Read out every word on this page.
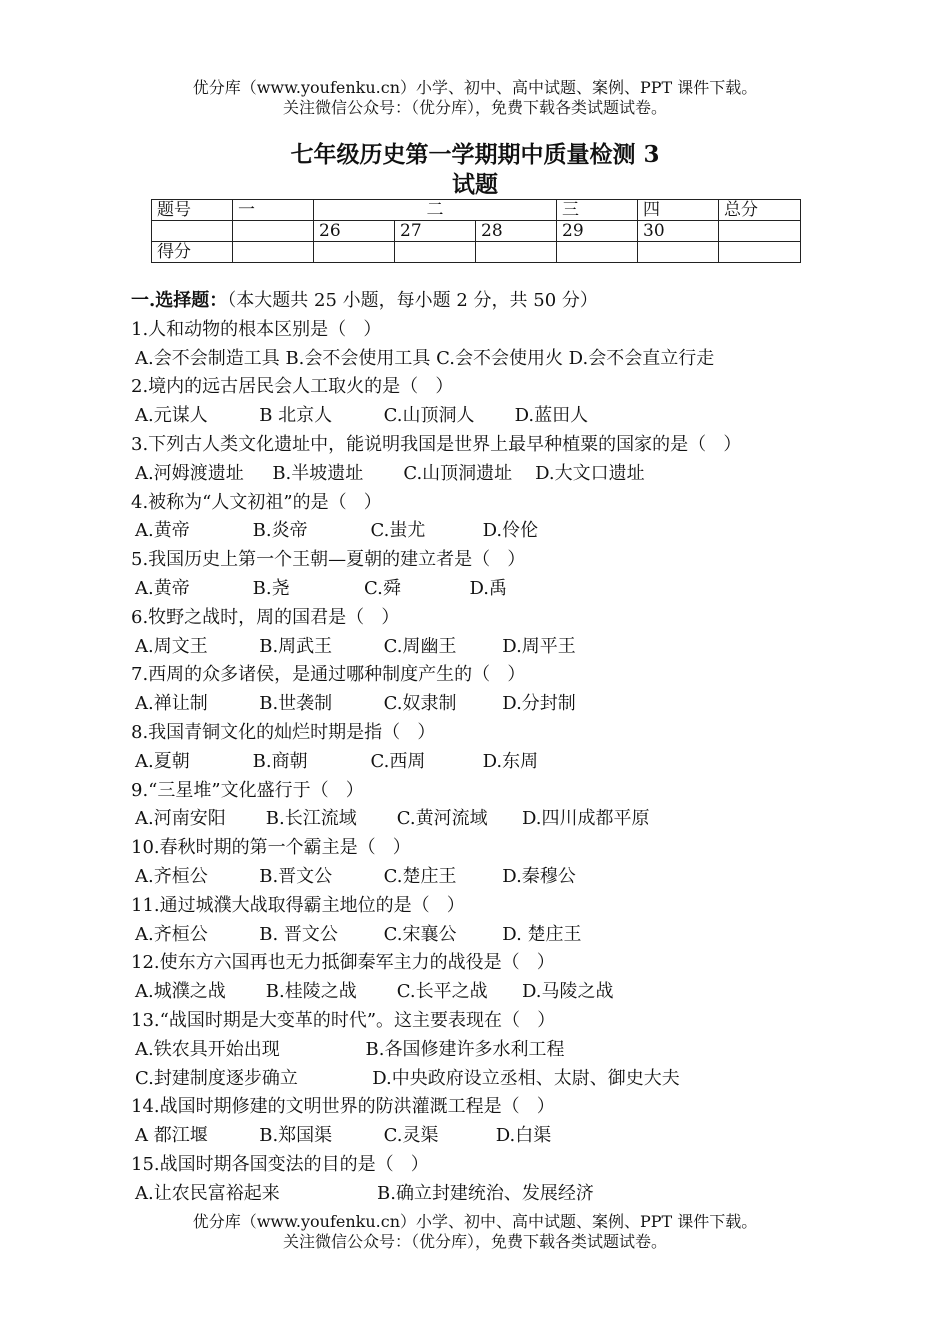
优分库（www.youfenku.cn）小学、初中、高中试题、案例、PPT 课件下载。
关注微信公众号：（优分库），免费下载各类试题试卷。
七年级历史第一学期期中质量检测 3
试题
题号	一	二			三	四	总分
		26	27	28	29	30	
得分							
一.选择题：（本大题共 25 小题，每小题 2 分，共 50 分）
1.人和动物的根本区别是（   ）
A.会不会制造工具 B.会不会使用工具 C.会不会使用火 D.会不会直立行走
2.境内的远古居民会人工取火的是（   ）
A.元谋人         B 北京人         C.山顶洞人       D.蓝田人
3.下列古人类文化遗址中，能说明我国是世界上最早种植粟的国家的是（   ）
A.河姆渡遗址     B.半坡遗址       C.山顶洞遗址    D.大文口遗址
4.被称为“人文初祖”的是（   ）
A.黄帝           B.炎帝           C.蚩尤          D.伶伦
5.我国历史上第一个王朝—夏朝的建立者是（   ）
A.黄帝           B.尧             C.舜            D.禹
6.牧野之战时，周的国君是（   ）
A.周文王         B.周武王         C.周幽王        D.周平王
7.西周的众多诸侯，是通过哪种制度产生的（   ）
A.禅让制         B.世袭制         C.奴隶制        D.分封制
8.我国青铜文化的灿烂时期是指（   ）
A.夏朝           B.商朝           C.西周          D.东周
9.“三星堆”文化盛行于（   ）
A.河南安阳       B.长江流域       C.黄河流域      D.四川成都平原
10.春秋时期的第一个霸主是（   ）
A.齐桓公         B.晋文公         C.楚庄王        D.秦穆公
11.通过城濮大战取得霸主地位的是（   ）
A.齐桓公         B. 晋文公        C.宋襄公        D. 楚庄王
12.使东方六国再也无力抵御秦军主力的战役是（   ）
A.城濮之战       B.桂陵之战       C.长平之战      D.马陵之战
13.“战国时期是大变革的时代”。这主要表现在（   ）
A.铁农具开始出现               B.各国修建许多水利工程
C.封建制度逐步确立             D.中央政府设立丞相、太尉、御史大夫
14.战国时期修建的文明世界的防洪灌溉工程是（   ）
A 都江堰         B.郑国渠         C.灵渠          D.白渠
15.战国时期各国变法的目的是（   ）
A.让农民富裕起来                 B.确立封建统治、发展经济
优分库（www.youfenku.cn）小学、初中、高中试题、案例、PPT 课件下载。
关注微信公众号：（优分库），免费下载各类试题试卷。
